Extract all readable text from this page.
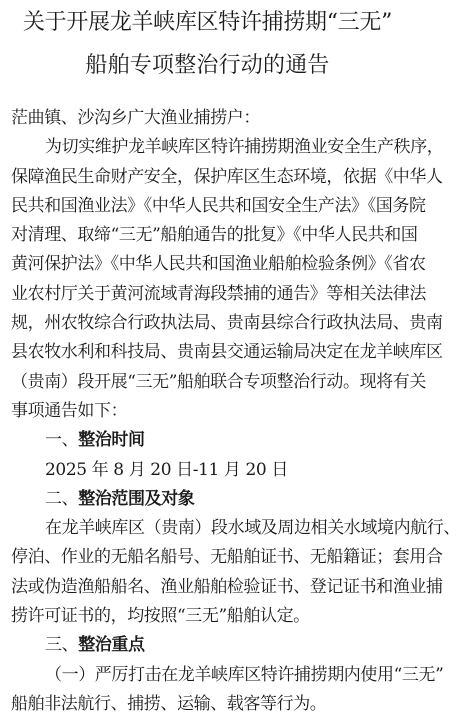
关于开展龙羊峡库区特许捕捞期“三无”
船舶专项整治行动的通告
茫曲镇、沙沟乡广大渔业捕捞户：
为切实维护龙羊峡库区特许捕捞期渔业安全生产秩序，
保障渔民生命财产安全，保护库区生态环境，依据《中华人
民共和国渔业法》《中华人民共和国安全生产法》《国务院
对清理、取缔“三无”船舶通告的批复》《中华人民共和国
黄河保护法》《中华人民共和国渔业船舶检验条例》《省农
业农村厅关于黄河流域青海段禁捕的通告》等相关法律法
规，州农牧综合行政执法局、贵南县综合行政执法局、贵南
县农牧水利和科技局、贵南县交通运输局决定在龙羊峡库区
（贵南）段开展“三无”船舶联合专项整治行动。现将有关
事项通告如下：
一、整治时间
2025 年 8 月 20 日-11 月 20 日
二、整治范围及对象
在龙羊峡库区（贵南）段水域及周边相关水域境内航行、
停泊、作业的无船名船号、无船舶证书、无船籍证；套用合
法或伪造渔船船名、渔业船舶检验证书、登记证书和渔业捕
捞许可证书的，均按照“三无”船舶认定。
三、整治重点
（一）严厉打击在龙羊峡库区特许捕捞期内使用“三无”
船舶非法航行、捕捞、运输、载客等行为。
